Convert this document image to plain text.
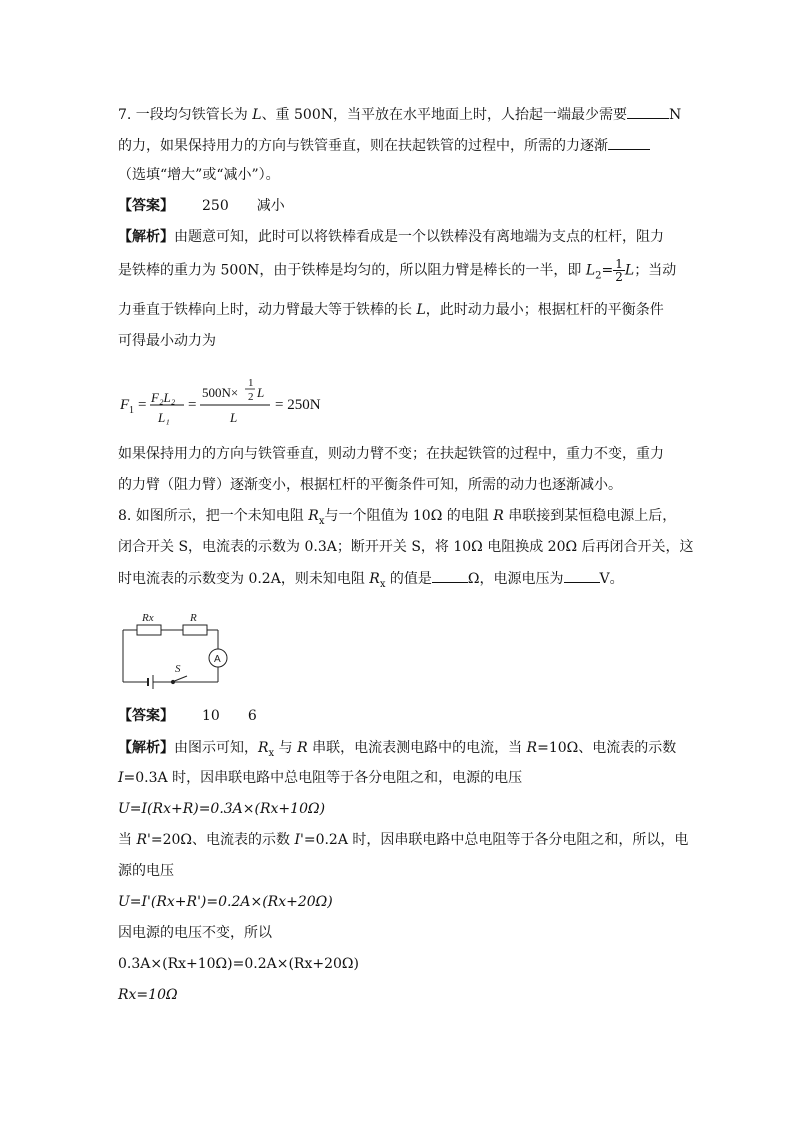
7. 一段均匀铁管长为 L、重 500N，当平放在水平地面上时，人抬起一端最少需要	N
的力，如果保持用力的方向与铁管垂直，则在扶起铁管的过程中，所需的力逐渐
（选填“增大”或“减小”）。
【答案】 250 减小
【解析】由题意可知，此时可以将铁棒看成是一个以铁棒没有离地端为支点的杠杆，阻力
是铁棒的重力为 500N，由于铁棒是均匀的，所以阻力臂是棒长的一半，即 $L_2= \frac{1}{2}$ L；当动
力垂直于铁棒向上时，动力臂最大等于铁棒的长 L，此时动力最小；根据杠杆的平衡条件
可得最小动力为
F 1 = F₂L₂
L₁
=
500N×
1
2 L
L
= 250N
如果保持用力的方向与铁管垂直，则动力臂不变；在扶起铁管的过程中，重力不变，重力
的力臂（阻力臂）逐渐变小，根据杠杆的平衡条件可知，所需的动力也逐渐减小。
8. 如图所示，把一个未知电阻 $R_x$与一个阻值为 10Ω 的电阻 R 串联接到某恒稳电源上后，
闭合开关 S，电流表的示数为 0.3A；断开开关 S，将 10Ω 电阻换成 20Ω 后再闭合开关，这
时电流表的示数变为 0.2A，则未知电阻 $R_x$ 的值是	Ω，电源电压为	V。
Rx	R
S
A
【答案】 10 6
【解析】由图示可知，$R_x$ 与 R 串联，电流表测电路中的电流，当 R=10Ω、电流表的示数
I=0.3A 时，因串联电路中总电阻等于各分电阻之和，电源的电压
U=I(Rx+R)=0.3A×(Rx+10Ω)
当 R'=20Ω、电流表的示数 I'=0.2A 时，因串联电路中总电阻等于各分电阻之和，所以，电
源的电压
U=I'(Rx+R')=0.2A×(Rx+20Ω)
因电源的电压不变，所以
0.3A×(Rx+10Ω)=0.2A×(Rx+20Ω)
Rx=10Ω
